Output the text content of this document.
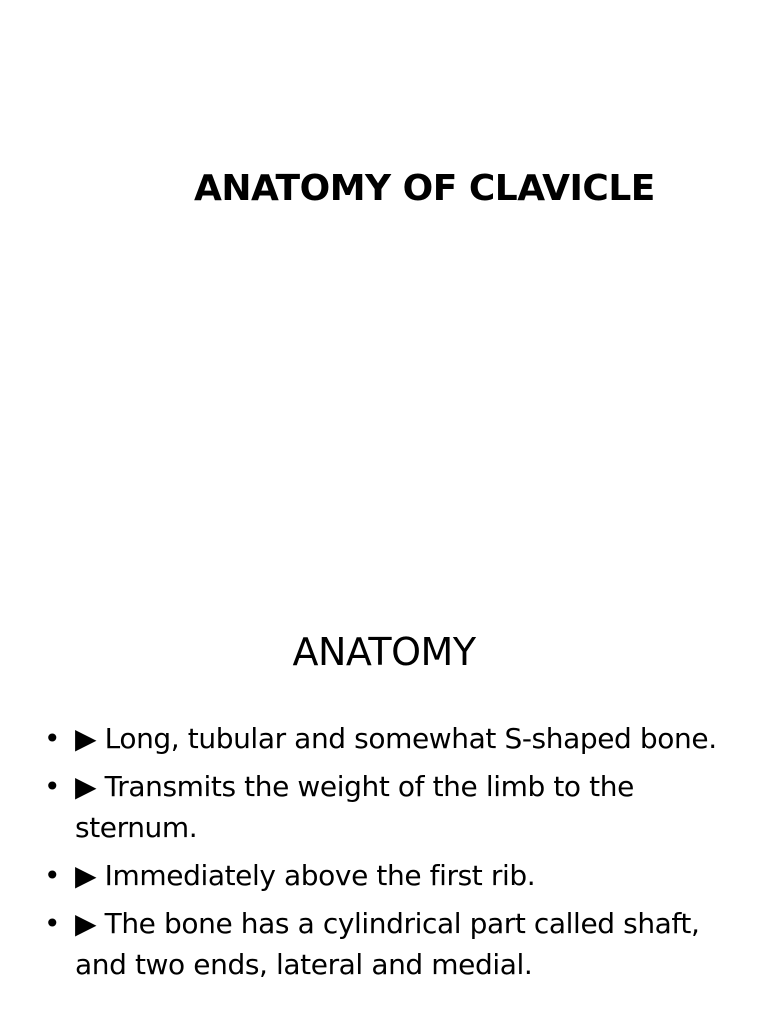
ANATOMY OF CLAVICLE
ANATOMY
• ▶ Long, tubular and somewhat S-shaped bone.
• ▶ Transmits the weight of the limb to the sternum.
• ▶ Immediately above the first rib.
• ▶ The bone has a cylindrical part called shaft, and two ends, lateral and medial.
